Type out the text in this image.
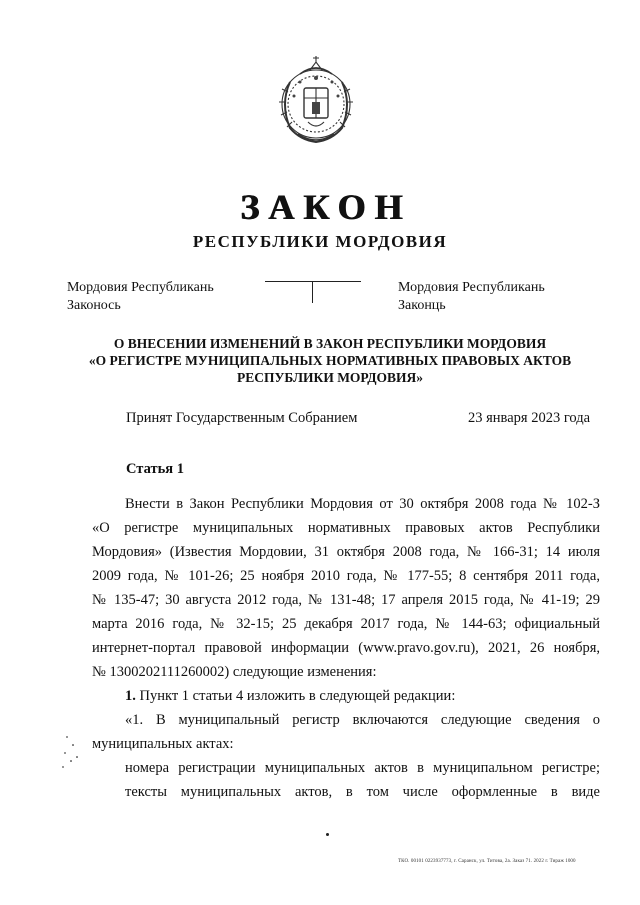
ЗАКОН
РЕСПУБЛИКИ МОРДОВИЯ
Мордовия Республикань
Законось
Мордовия Республикань
Законць
О ВНЕСЕНИИ ИЗМЕНЕНИЙ В ЗАКОН РЕСПУБЛИКИ МОРДОВИЯ
«О РЕГИСТРЕ МУНИЦИПАЛЬНЫХ НОРМАТИВНЫХ ПРАВОВЫХ АКТОВ
РЕСПУБЛИКИ МОРДОВИЯ»
Принят Государственным Собранием	23 января 2023 года
Статья 1
Внести в Закон Республики Мордовия от 30 октября 2008 года № 102-З
«О регистре муниципальных нормативных правовых актов Республики
Мордовия» (Известия Мордовии, 31 октября 2008 года, № 166-31; 14 июля
2009 года, № 101-26; 25 ноября 2010 года, № 177-55; 8 сентября 2011 года,
№ 135-47; 30 августа 2012 года, № 131-48; 17 апреля 2015 года, № 41-19; 29
марта 2016 года, № 32-15; 25 декабря 2017 года, № 144-63; официальный
интернет-портал правовой информации (www.pravo.gov.ru), 2021, 26 ноября,
№ 1300202111260002) следующие изменения:
1. Пункт 1 статьи 4 изложить в следующей редакции:
«1. В муниципальный регистр включаются следующие сведения о
муниципальных актах:
номера регистрации муниципальных актов в муниципальном регистре;
тексты муниципальных актов, в том числе оформленные в виде
ТКО. 00101 0223937773, г. Саранск, ул. Титова, 2а. Заказ 71. 2022 г. Тираж 1000
